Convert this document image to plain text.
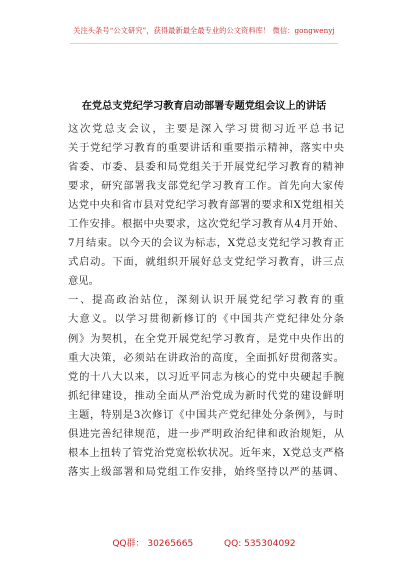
关注头条号“公文研究”，获得最新最全最专业的公文资料库！ 微信：gongwenyj
在党总支党纪学习教育启动部署专题党组会议上的讲话
这次党总支会议，主要是深入学习贯彻习近平总书记
关于党纪学习教育的重要讲话和重要指示精神，落实中央
省委、市委、县委和局党组关于开展党纪学习教育的精神
要求，研究部署我支部党纪学习教育工作。首先向大家传
达党中央和省市县对党纪学习教育部署的要求和X党组相关
工作安排。根据中央要求，这次党纪学习教育从4月开始、
7月结束。以今天的会议为标志，X党总支党纪学习教育正
式启动。下面，就组织开展好总支党纪学习教育，讲三点
意见。
一、提高政治站位，深刻认识开展党纪学习教育的重
大意义。以学习贯彻新修订的《中国共产党纪律处分条
例》为契机，在全党开展党纪学习教育，是党中央作出的
重大决策，必须站在讲政治的高度，全面抓好贯彻落实。
党的十八大以来，以习近平同志为核心的党中央硬起手腕
抓纪律建设，推动全面从严治党成为新时代党的建设鲜明
主题，特别是3次修订《中国共产党纪律处分条例》，与时
俱进完善纪律规范，进一步严明政治纪律和政治规矩，从
根本上扭转了管党治党宽松软状况。近年来，X党总支严格
落实上级部署和局党组工作安排，始终坚持以严的基调、
QQ群： 30265665	QQ: 535304092
